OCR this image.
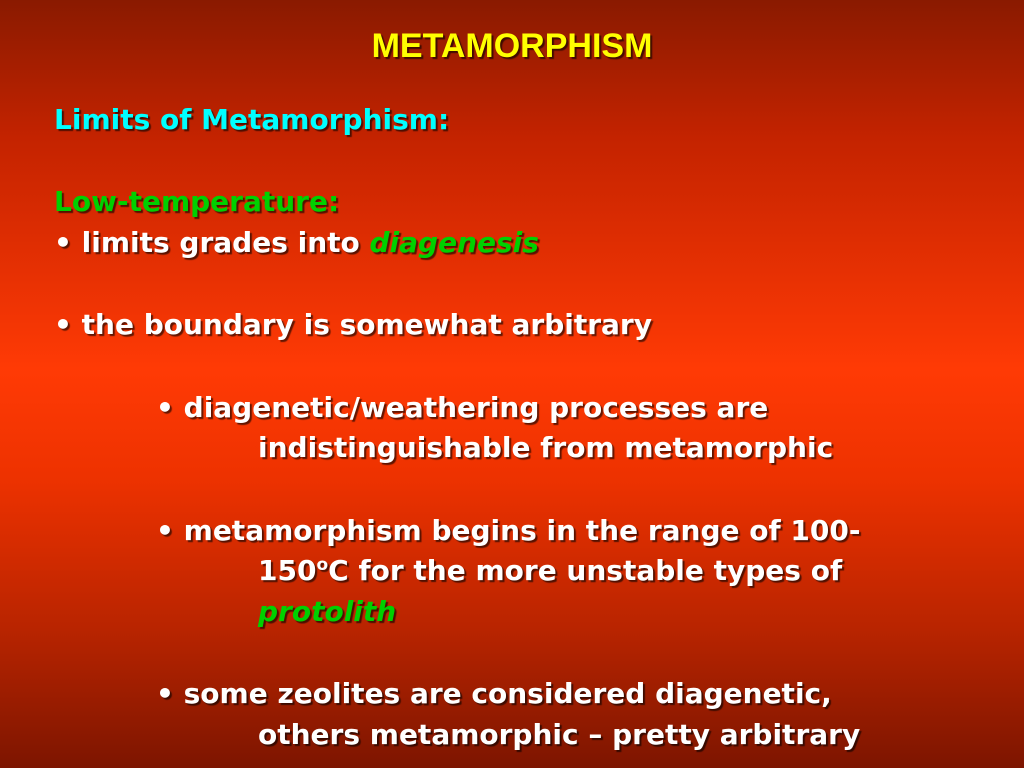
METAMORPHISM
Limits of Metamorphism:
Low-temperature:
• limits grades into diagenesis
• the boundary is somewhat arbitrary
• diagenetic/weathering processes are
indistinguishable from metamorphic
• metamorphism begins in the range of 100-
150$^o$C for the more unstable types of
protolith
• some zeolites are considered diagenetic,
others metamorphic – pretty arbitrary
